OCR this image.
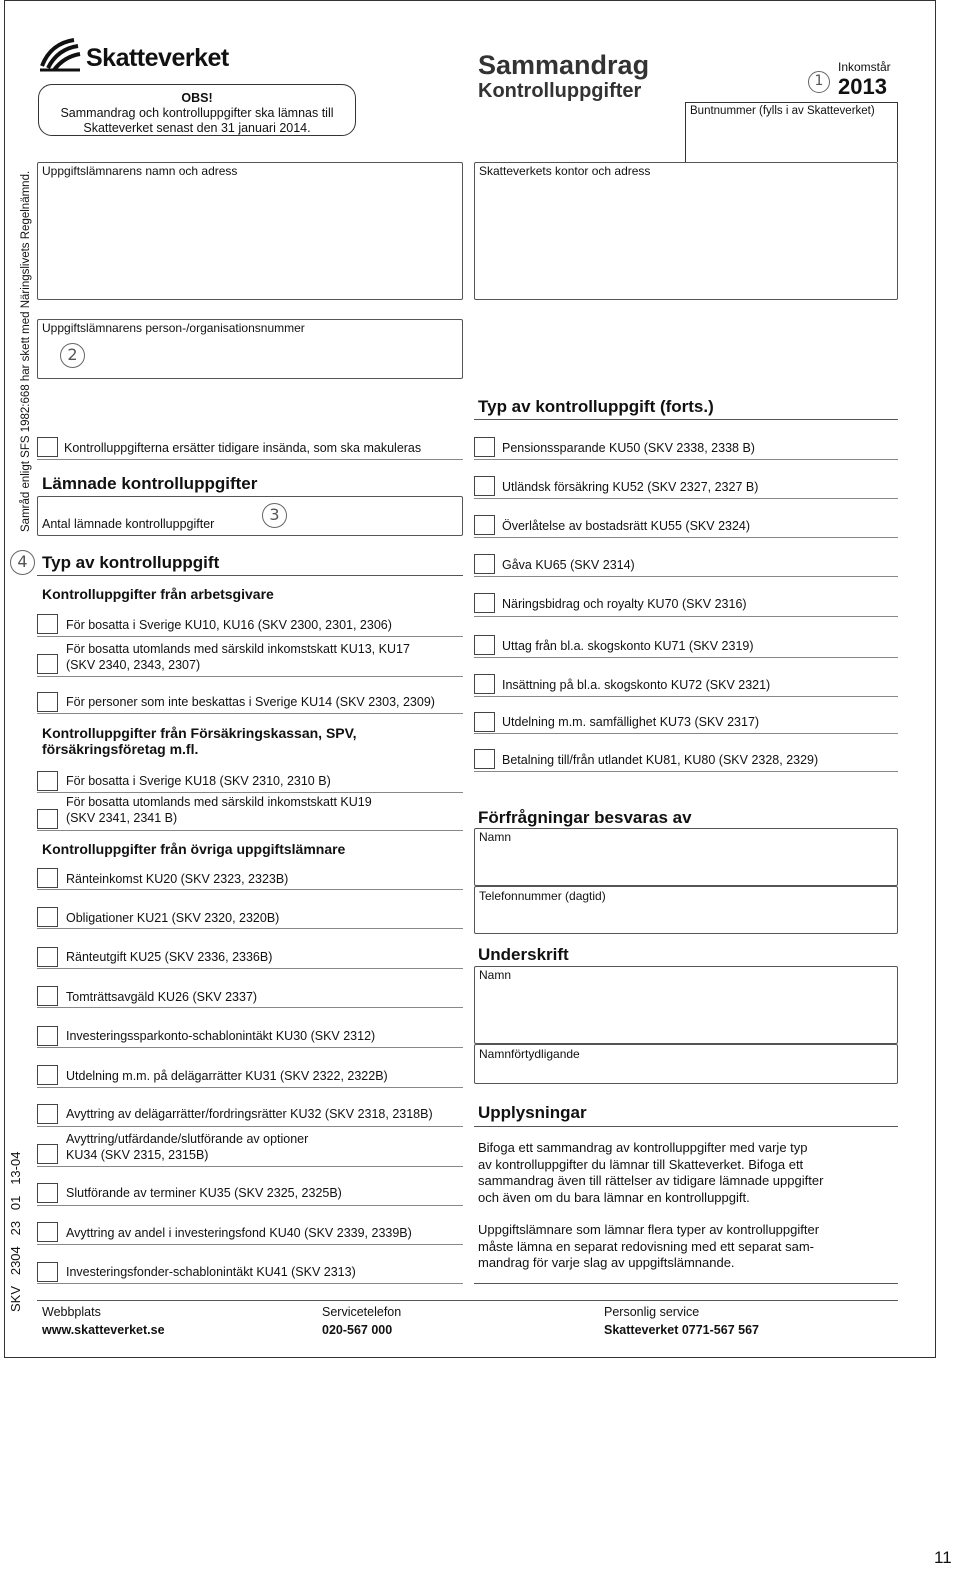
Skatteverket
OBS!
Sammandrag och kontrolluppgifter ska lämnas till
Skatteverket senast den 31 januari 2014.
Sammandrag
Kontrolluppgifter	1
Inkomstår
2013
Buntnummer (fylls i av Skatteverket)
Samråd enligt SFS 1982:668 har skett med Näringslivets Regelnämnd.
SKV   2304   23   01   13-04
Uppgiftslämnarens namn och adress
Uppgiftslämnarens person-/organisationsnummer
2
Kontrolluppgifterna ersätter tidigare insända, som ska makuleras
Lämnade kontrolluppgifter
Antal lämnade kontrolluppgifter	3
4 Typ av kontrolluppgift
Kontrolluppgifter från arbetsgivare
För bosatta i Sverige KU10, KU16 (SKV 2300, 2301, 2306)
För bosatta utomlands med särskild inkomstskatt KU13, KU17
(SKV 2340, 2343, 2307)
För personer som inte beskattas i Sverige KU14 (SKV 2303, 2309)
Kontrolluppgifter från Försäkringskassan, SPV,
försäkringsföretag m.fl.
För bosatta i Sverige KU18 (SKV 2310, 2310 B)
För bosatta utomlands med särskild inkomstskatt KU19
(SKV 2341, 2341 B)
Kontrolluppgifter från övriga uppgiftslämnare
Ränteinkomst KU20 (SKV 2323, 2323B)
Obligationer KU21 (SKV 2320, 2320B)
Ränteutgift KU25 (SKV 2336, 2336B)
Tomträttsavgäld KU26 (SKV 2337)
Investeringssparkonto-schablonintäkt KU30 (SKV 2312)
Utdelning m.m. på delägarrätter KU31 (SKV 2322, 2322B)
Avyttring av delägarrätter/fordringsrätter KU32 (SKV 2318, 2318B)
Avyttring/utfärdande/slutförande av optioner
KU34 (SKV 2315, 2315B)
Slutförande av terminer KU35 (SKV 2325, 2325B)
Avyttring av andel i investeringsfond KU40 (SKV 2339, 2339B)
Investeringsfonder-schablonintäkt KU41 (SKV 2313)
Skatteverkets kontor och adress
Typ av kontrolluppgift (forts.)
Pensionssparande KU50 (SKV 2338, 2338 B)
Utländsk försäkring KU52 (SKV 2327, 2327 B)
Överlåtelse av bostadsrätt KU55 (SKV 2324)
Gåva KU65 (SKV 2314)
Näringsbidrag och royalty KU70 (SKV 2316)
Uttag från bl.a. skogskonto KU71 (SKV 2319)
Insättning på bl.a. skogskonto KU72 (SKV 2321)
Utdelning m.m. samfällighet KU73 (SKV 2317)
Betalning till/från utlandet KU81, KU80 (SKV 2328, 2329)
Förfrågningar besvaras av
Namn
Telefonnummer (dagtid)
Underskrift
Namn
Namnförtydligande
Upplysningar
Bifoga ett sammandrag av kontrolluppgifter med varje typ
av kontrolluppgifter du lämnar till Skatteverket. Bifoga ett
sammandrag även till rättelser av tidigare lämnade uppgifter
och även om du bara lämnar en kontrolluppgift.
Uppgiftslämnare som lämnar flera typer av kontrolluppgifter
måste lämna en separat redovisning med ett separat sam-
mandrag för varje slag av uppgiftslämnande.
Webbplats
www.skatteverket.se
Servicetelefon
020-567 000
Personlig service
Skatteverket 0771-567 567
11
